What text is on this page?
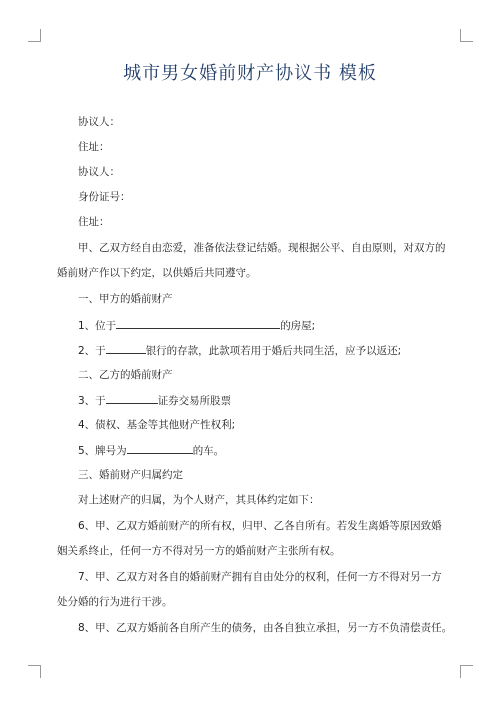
城市男女婚前财产协议书 模板
协议人：
住址：
协议人：
身份证号：
住址：
甲、乙双方经自由恋爱，准备依法登记结婚。现根据公平、自由原则，对双方的
婚前财产作以下约定，以供婚后共同遵守。
一、甲方的婚前财产
1、位于	的房屋;
2、于	银行的存款，此款项若用于婚后共同生活，应予以返还;
二、乙方的婚前财产
3、于	证券交易所股票
4、债权、基金等其他财产性权利;
5、牌号为	的车。
三、婚前财产归属约定
对上述财产的归属，为个人财产，其具体约定如下：
6、甲、乙双方婚前财产的所有权，归甲、乙各自所有。若发生离婚等原因致婚
姻关系终止，任何一方不得对另一方的婚前财产主张所有权。
7、甲、乙双方对各自的婚前财产拥有自由处分的权利，任何一方不得对另一方
处分婚的行为进行干涉。
8、甲、乙双方婚前各自所产生的债务，由各自独立承担，另一方不负清偿责任。
